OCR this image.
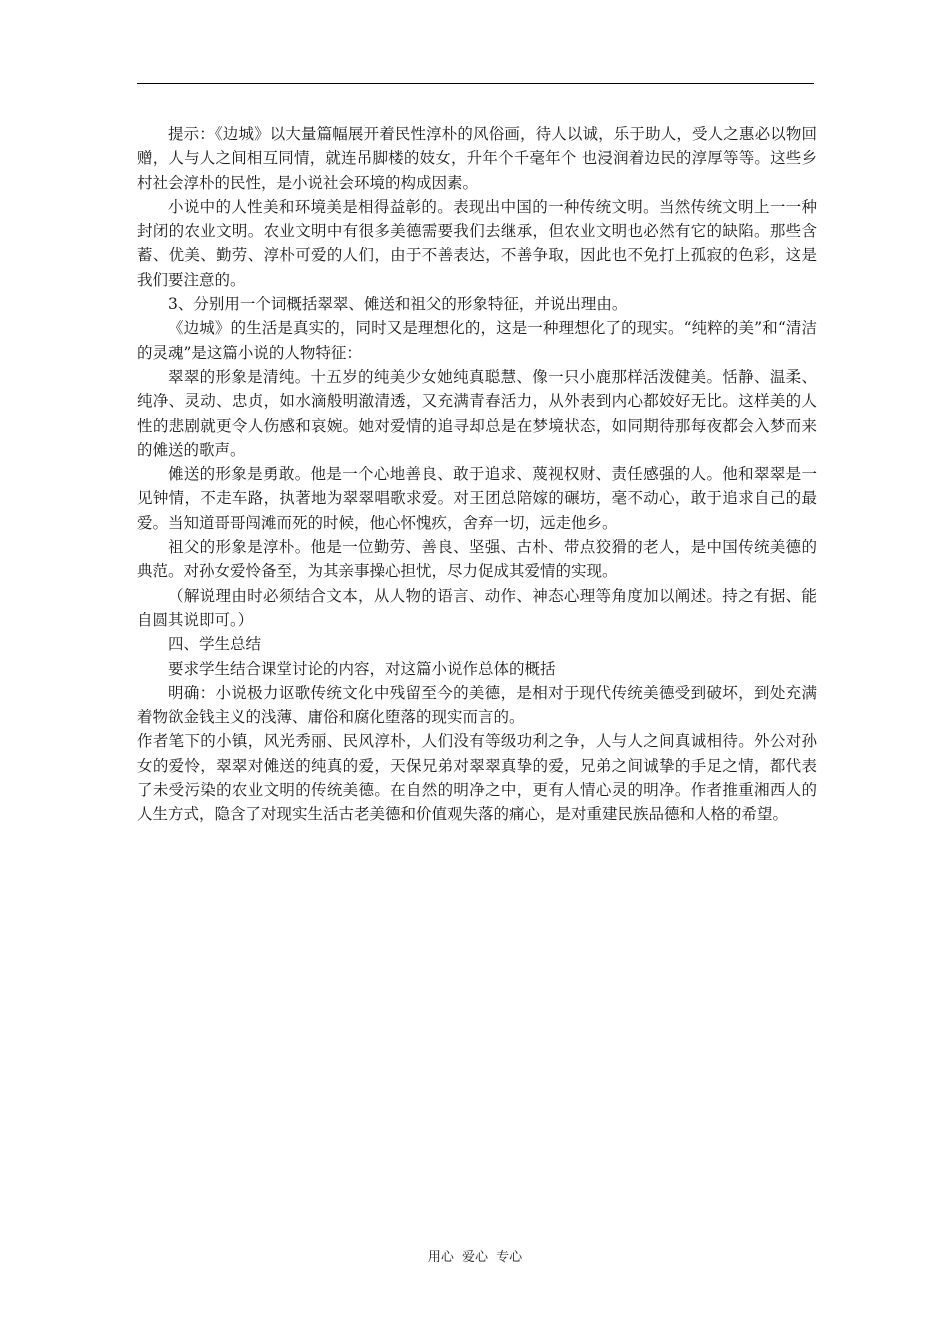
提示：《边城》以大量篇幅展开着民性淳朴的风俗画，待人以诚，乐于助人，受人之惠必以物回赠，人与人之间相互同情，就连吊脚楼的妓女，升年个千毫年个 也浸润着边民的淳厚等等。这些乡村社会淳朴的民性，是小说社会环境的构成因素。

小说中的人性美和环境美是相得益彰的。表现出中国的一种传统文明。当然传统文明上一一种封闭的农业文明。农业文明中有很多美德需要我们去继承，但农业文明也必然有它的缺陷。那些含蓄、优美、勤劳、淳朴可爱的人们，由于不善表达，不善争取，因此也不免打上孤寂的色彩，这是我们要注意的。

3、分别用一个词概括翠翠、傩送和祖父的形象特征，并说出理由。

《边城》的生活是真实的，同时又是理想化的，这是一种理想化了的现实。“纯粹的美”和“清洁的灵魂”是这篇小说的人物特征：

翠翠的形象是清纯。十五岁的纯美少女她纯真聪慧、像一只小鹿那样活泼健美。恬静、温柔、纯净、灵动、忠贞，如水滴般明澈清透，又充满青春活力，从外表到内心都姣好无比。这样美的人性的悲剧就更令人伤感和哀婉。她对爱情的追寻却总是在梦境状态，如同期待那每夜都会入梦而来的傩送的歌声。

傩送的形象是勇敢。他是一个心地善良、敢于追求、蔑视权财、责任感强的人。他和翠翠是一见钟情，不走车路，执著地为翠翠唱歌求爱。对王团总陪嫁的碾坊，毫不动心，敢于追求自己的最爱。当知道哥哥闯滩而死的时候，他心怀愧疚，舍弃一切，远走他乡。

祖父的形象是淳朴。他是一位勤劳、善良、坚强、古朴、带点狡猾的老人，是中国传统美德的典范。对孙女爱怜备至，为其亲事操心担忧，尽力促成其爱情的实现。

（解说理由时必须结合文本，从人物的语言、动作、神态心理等角度加以阐述。持之有据、能自圆其说即可。）

四、学生总结

要求学生结合课堂讨论的内容，对这篇小说作总体的概括

明确：小说极力讴歌传统文化中残留至今的美德，是相对于现代传统美德受到破坏，到处充满着物欲金钱主义的浅薄、庸俗和腐化堕落的现实而言的。

作者笔下的小镇，风光秀丽、民风淳朴，人们没有等级功利之争，人与人之间真诚相待。外公对孙女的爱怜，翠翠对傩送的纯真的爱，天保兄弟对翠翠真挚的爱，兄弟之间诚挚的手足之情，都代表了未受污染的农业文明的传统美德。在自然的明净之中，更有人情心灵的明净。作者推重湘西人的人生方式，隐含了对现实生活古老美德和价值观失落的痛心，是对重建民族品德和人格的希望。

用心 爱心 专心
